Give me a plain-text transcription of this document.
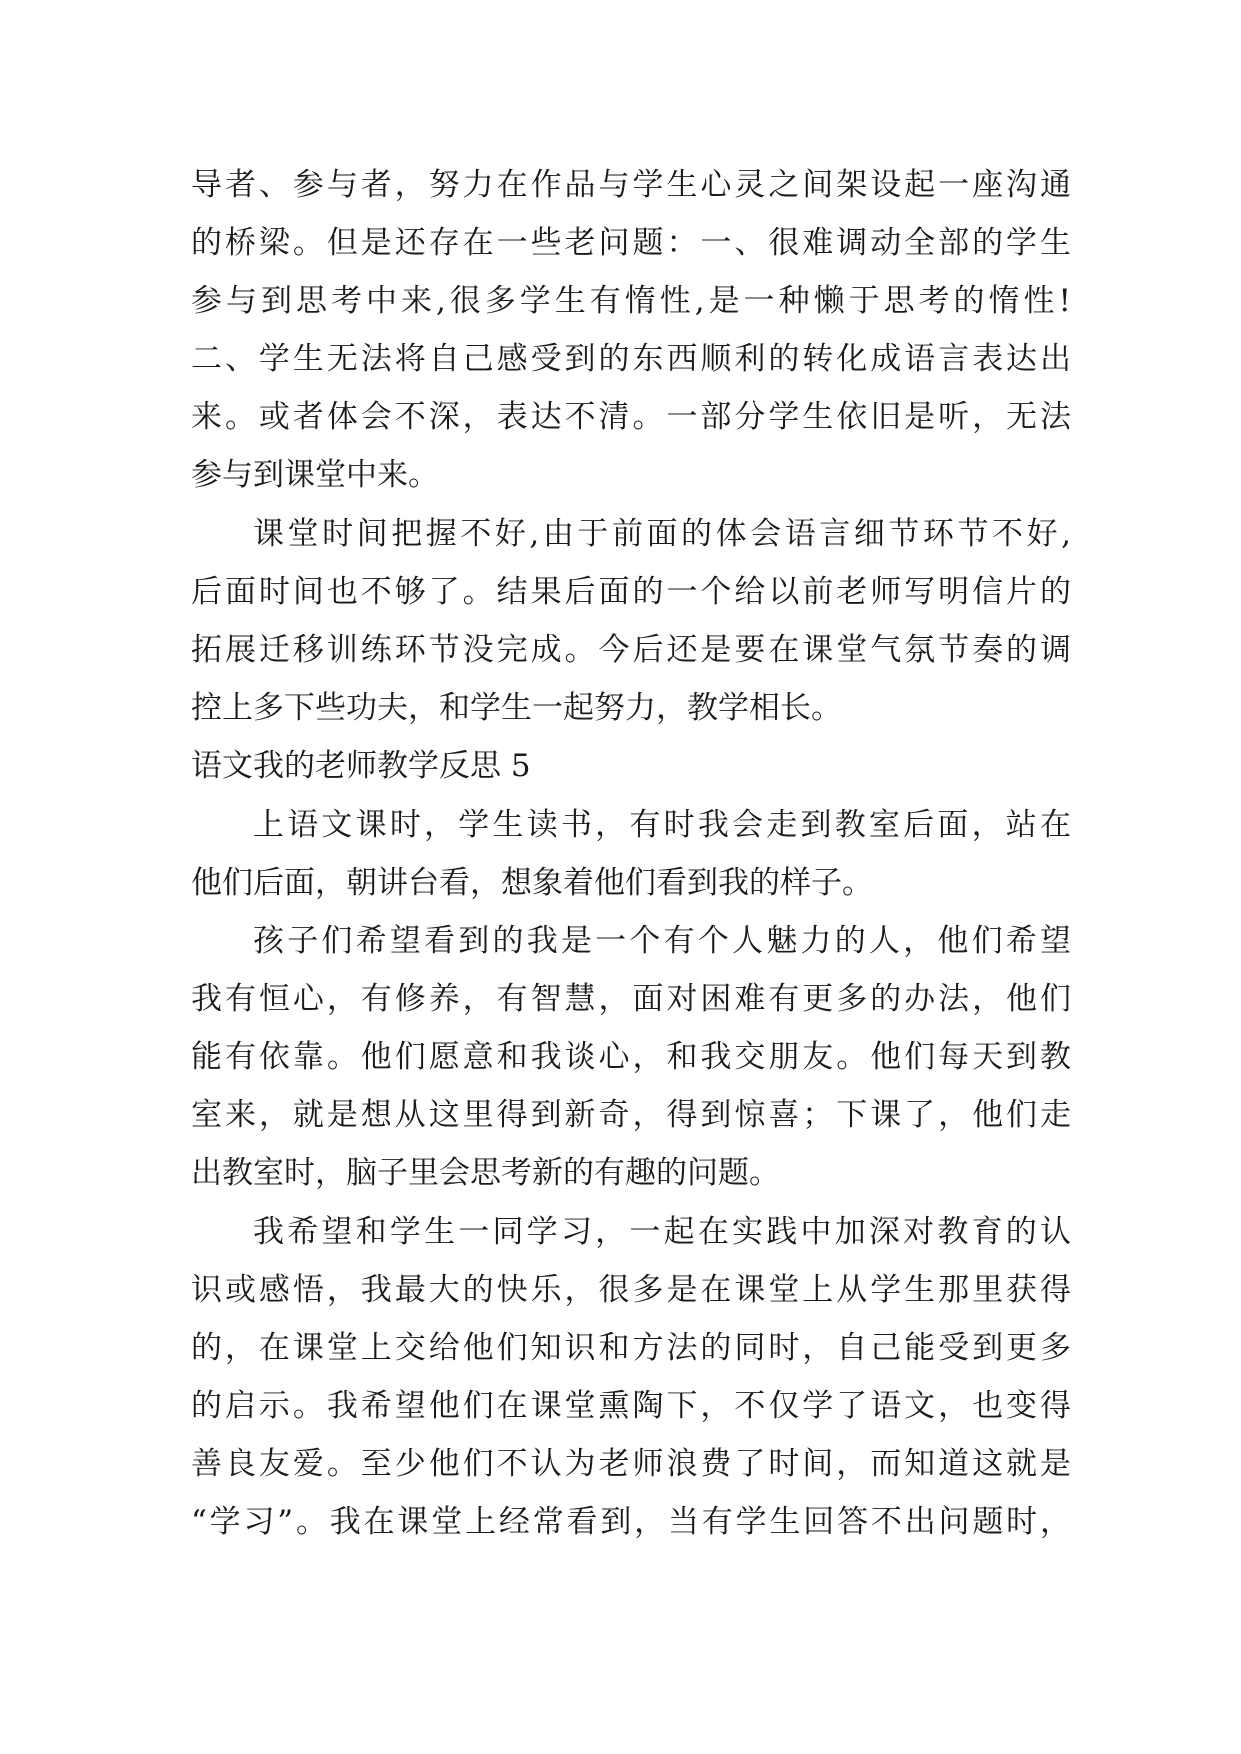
导者、参与者，努力在作品与学生心灵之间架设起一座沟通
的桥梁。但是还存在一些老问题：一、很难调动全部的学生
参与到思考中来,很多学生有惰性,是一种懒于思考的惰性!
二、学生无法将自己感受到的东西顺利的转化成语言表达出
来。或者体会不深，表达不清。一部分学生依旧是听，无法
参与到课堂中来。
课堂时间把握不好,由于前面的体会语言细节环节不好,
后面时间也不够了。结果后面的一个给以前老师写明信片的
拓展迁移训练环节没完成。今后还是要在课堂气氛节奏的调
控上多下些功夫，和学生一起努力，教学相长。
语文我的老师教学反思 5
上语文课时，学生读书，有时我会走到教室后面，站在
他们后面，朝讲台看，想象着他们看到我的样子。
孩子们希望看到的我是一个有个人魅力的人，他们希望
我有恒心，有修养，有智慧，面对困难有更多的办法，他们
能有依靠。他们愿意和我谈心，和我交朋友。他们每天到教
室来，就是想从这里得到新奇，得到惊喜；下课了，他们走
出教室时，脑子里会思考新的有趣的问题。
我希望和学生一同学习，一起在实践中加深对教育的认
识或感悟，我最大的快乐，很多是在课堂上从学生那里获得
的，在课堂上交给他们知识和方法的同时，自己能受到更多
的启示。我希望他们在课堂熏陶下，不仅学了语文，也变得
善良友爱。至少他们不认为老师浪费了时间，而知道这就是
“学习”。我在课堂上经常看到，当有学生回答不出问题时，
